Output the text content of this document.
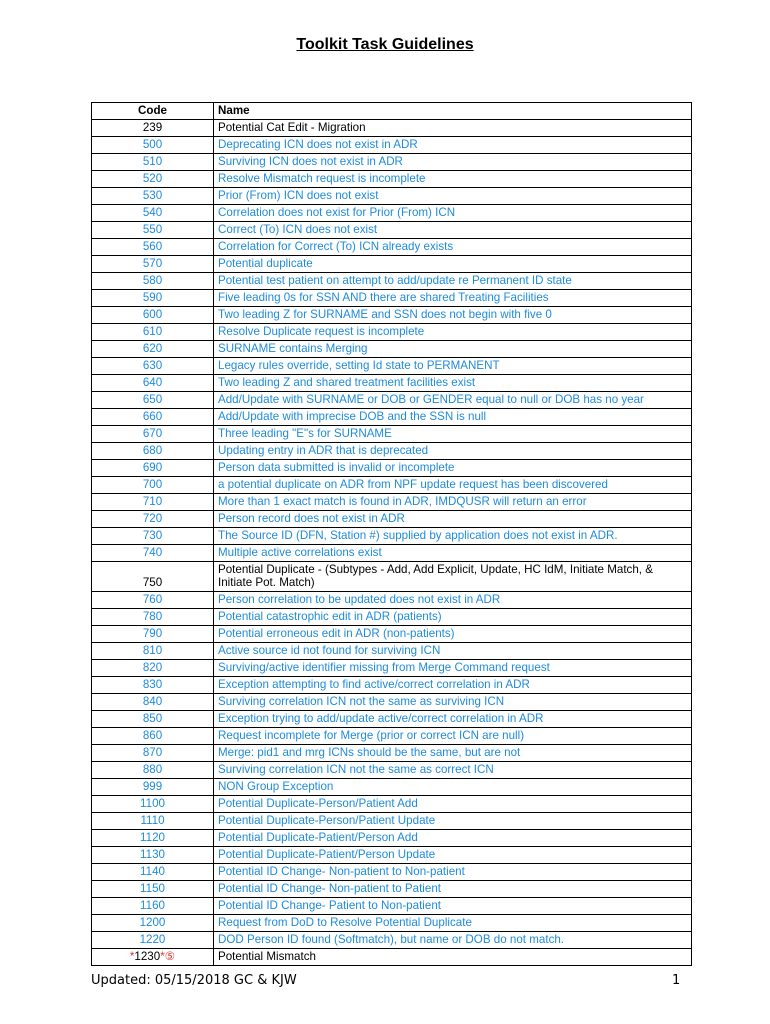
Toolkit Task Guidelines
Code	Name
239	Potential Cat Edit - Migration
500	Deprecating ICN does not exist in ADR
510	Surviving ICN does not exist in ADR
520	Resolve Mismatch request is incomplete
530	Prior (From) ICN does not exist
540	Correlation does not exist for Prior (From) ICN
550	Correct (To) ICN does not exist
560	Correlation for Correct (To) ICN already exists
570	Potential duplicate
580	Potential test patient on attempt to add/update re Permanent ID state
590	Five leading 0s for SSN AND there are shared Treating Facilities
600	Two leading Z for SURNAME and SSN does not begin with five 0
610	Resolve Duplicate request is incomplete
620	SURNAME contains Merging
630	Legacy rules override, setting Id state to PERMANENT
640	Two leading Z and shared treatment facilities exist
650	Add/Update with SURNAME or DOB or GENDER equal to null or DOB has no year
660	Add/Update with imprecise DOB and the SSN is null
670	Three leading "E"s for SURNAME
680	Updating entry in ADR that is deprecated
690	Person data submitted is invalid or incomplete
700	a potential duplicate on ADR from NPF update request has been discovered
710	More than 1 exact match is found in ADR, IMDQUSR will return an error
720	Person record does not exist in ADR
730	The Source ID (DFN, Station #) supplied by application does not exist in ADR.
740	Multiple active correlations exist
750	Potential Duplicate - (Subtypes - Add, Add Explicit, Update, HC IdM, Initiate Match, & Initiate Pot. Match)
760	Person correlation to be updated does not exist in ADR
780	Potential catastrophic edit in ADR (patients)
790	Potential erroneous edit in ADR (non-patients)
810	Active source id not found for surviving ICN
820	Surviving/active identifier missing from Merge Command request
830	Exception attempting to find active/correct correlation in ADR
840	Surviving correlation ICN not the same as surviving ICN
850	Exception trying to add/update active/correct correlation in ADR
860	Request incomplete for Merge (prior or correct ICN are null)
870	Merge: pid1 and mrg ICNs should be the same, but are not
880	Surviving correlation ICN not the same as correct ICN
999	NON Group Exception
1100	Potential Duplicate-Person/Patient Add
1110	Potential Duplicate-Person/Patient Update
1120	Potential Duplicate-Patient/Person Add
1130	Potential Duplicate-Patient/Person Update
1140	Potential ID Change- Non-patient to Non-patient
1150	Potential ID Change- Non-patient to Patient
1160	Potential ID Change- Patient to Non-patient
1200	Request from DoD to Resolve Potential Duplicate
1220	DOD Person ID found (Softmatch), but name or DOB do not match.
*1230*⑤	Potential Mismatch
Updated: 05/15/2018 GC & KJW	1
